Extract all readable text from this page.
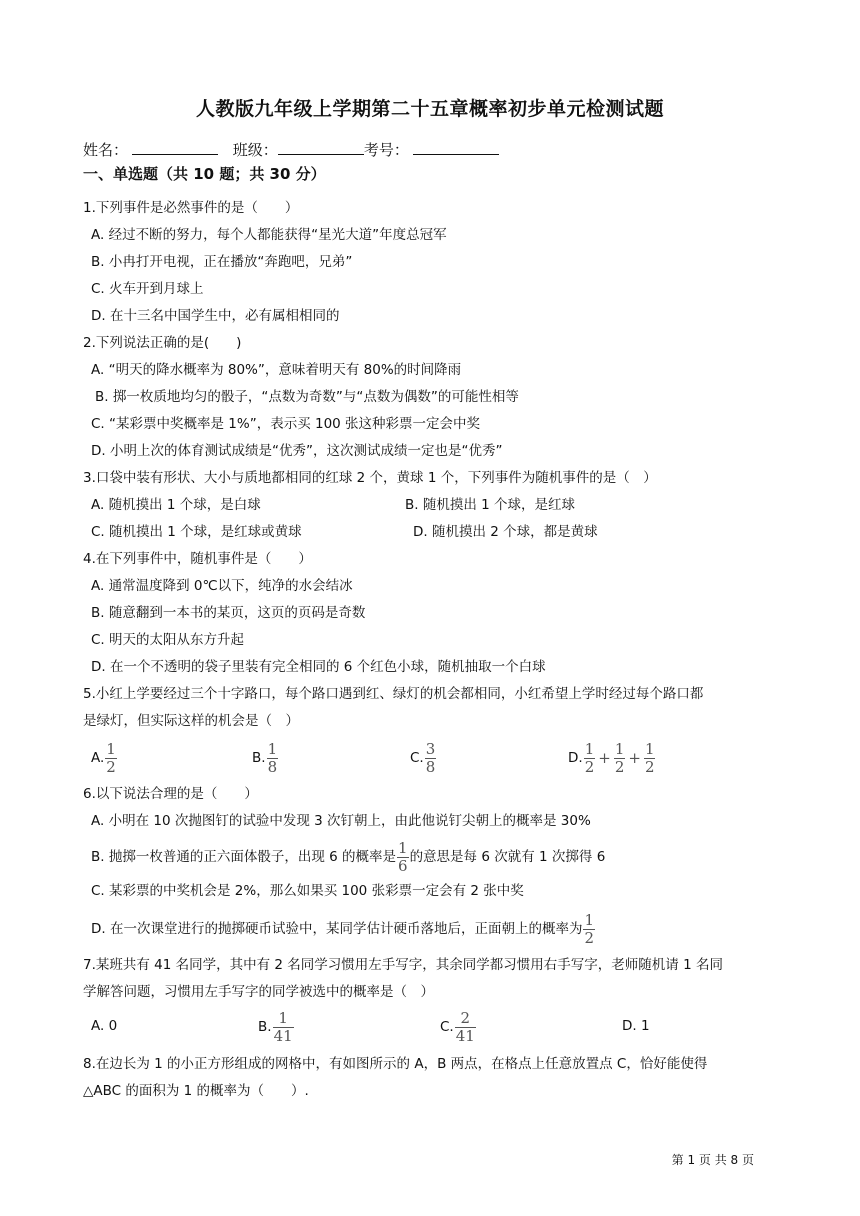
人教版九年级上学期第二十五章概率初步单元检测试题
姓名：	班级：	考号：
一、单选题（共 10 题；共 30 分）
1.下列事件是必然事件的是（　　）
A. 经过不断的努力，每个人都能获得“星光大道”年度总冠军
B. 小冉打开电视，正在播放“奔跑吧，兄弟”
C. 火车开到月球上
D. 在十三名中国学生中，必有属相相同的
2.下列说法正确的是(　　)
A. “明天的降水概率为 80%”，意味着明天有 80%的时间降雨
B. 掷一枚质地均匀的骰子，“点数为奇数”与“点数为偶数”的可能性相等
C. “某彩票中奖概率是 1%”，表示买 100 张这种彩票一定会中奖
D. 小明上次的体育测试成绩是“优秀”，这次测试成绩一定也是“优秀”
3.口袋中装有形状、大小与质地都相同的红球 2 个，黄球 1 个，下列事件为随机事件的是（　）
A. 随机摸出 1 个球，是白球	B. 随机摸出 1 个球，是红球
C. 随机摸出 1 个球，是红球或黄球	D. 随机摸出 2 个球，都是黄球
4.在下列事件中，随机事件是（　　）
A. 通常温度降到 0℃以下，纯净的水会结冰
B. 随意翻到一本书的某页，这页的页码是奇数
C. 明天的太阳从东方升起
D. 在一个不透明的袋子里装有完全相同的 6 个红色小球，随机抽取一个白球
5.小红上学要经过三个十字路口，每个路口遇到红、绿灯的机会都相同，小红希望上学时经过每个路口都
是绿灯，但实际这样的机会是（　）
A. $\frac{1}{2}$	B. $\frac{1}{8}$	C. $\frac{3}{8}$	D. $\frac{1}{2} + \frac{1}{2} + \frac{1}{2}$
6.以下说法合理的是（　　）
A. 小明在 10 次抛图钉的试验中发现 3 次钉朝上，由此他说钉尖朝上的概率是 30%
B. 抛掷一枚普通的正六面体骰子，出现 6 的概率是 $\frac{1}{6}$ 的意思是每 6 次就有 1 次掷得 6
C. 某彩票的中奖机会是 2%，那么如果买 100 张彩票一定会有 2 张中奖
D. 在一次课堂进行的抛掷硬币试验中，某同学估计硬币落地后，正面朝上的概率为 $\frac{1}{2}$
7.某班共有 41 名同学，其中有 2 名同学习惯用左手写字，其余同学都习惯用右手写字，老师随机请 1 名同
学解答问题，习惯用左手写字的同学被选中的概率是（　）
A. 0	B. $\frac{1}{41}$	C. $\frac{2}{41}$	D. 1
8.在边长为 1 的小正方形组成的网格中，有如图所示的 A，B 两点，在格点上任意放置点 C，恰好能使得
△ABC 的面积为 1 的概率为（　　）.
第 1 页 共 8 页
